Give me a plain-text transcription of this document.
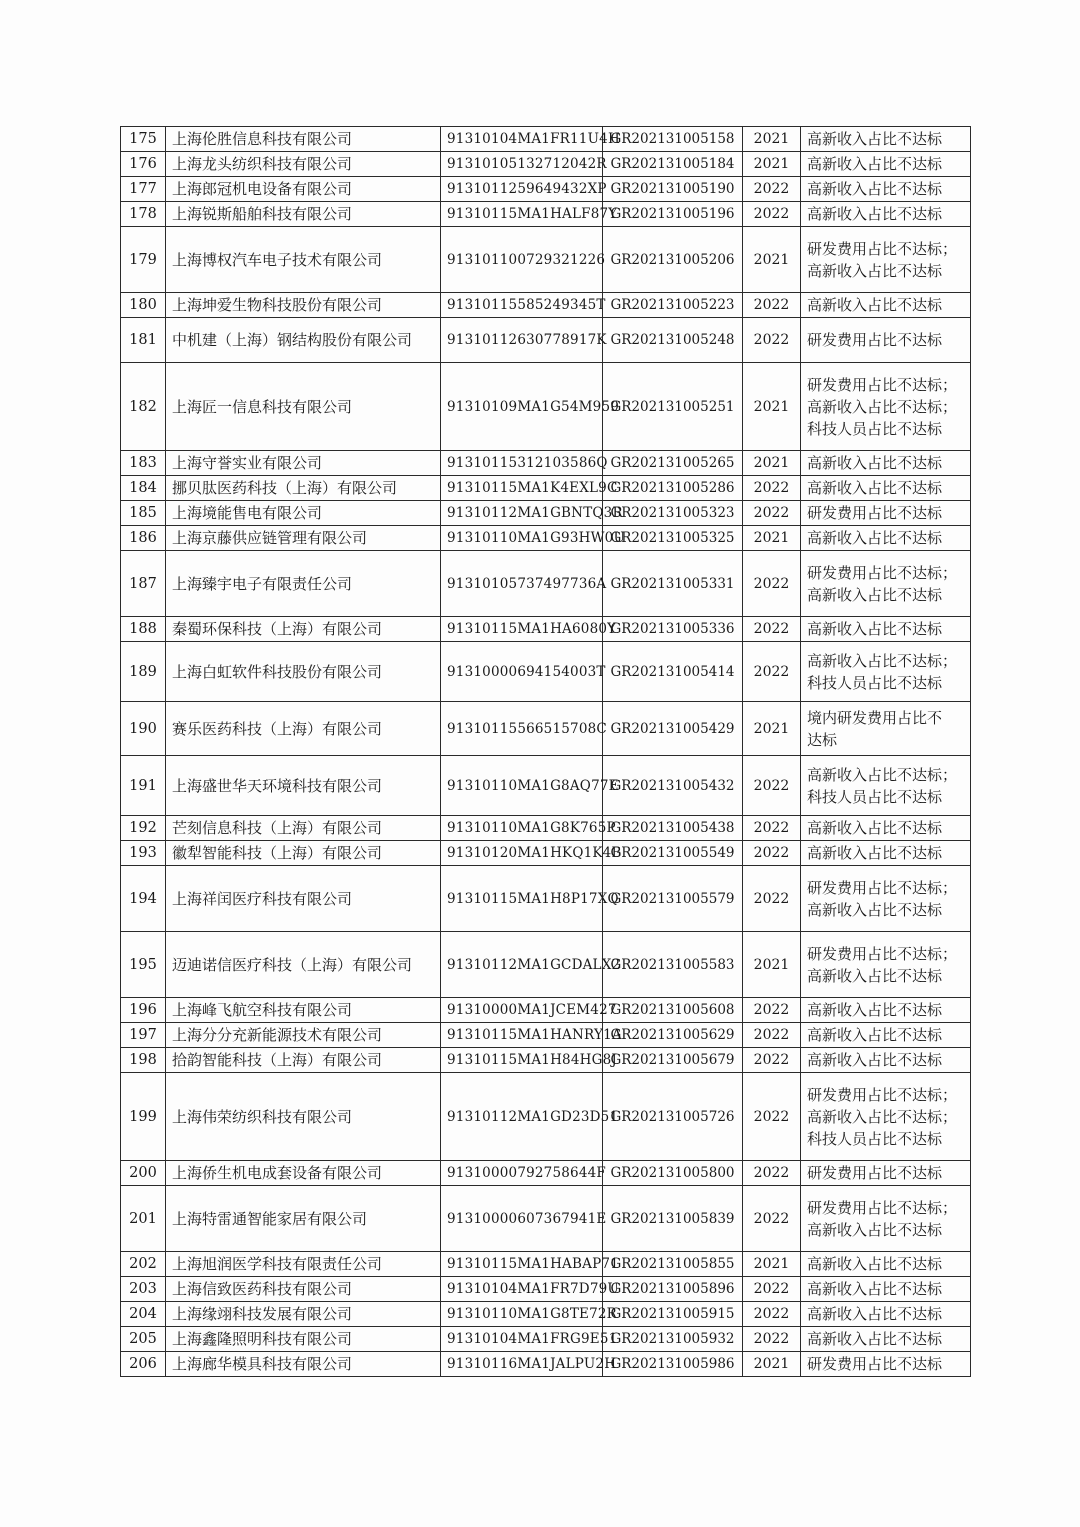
175	上海伦胜信息科技有限公司	91310104MA1FR11U4H	GR202131005158	2021	高新收入占比不达标
176	上海龙头纺织科技有限公司	91310105132712042R	GR202131005184	2021	高新收入占比不达标
177	上海郎冠机电设备有限公司	9131011259649432XP	GR202131005190	2022	高新收入占比不达标
178	上海锐斯船舶科技有限公司	91310115MA1HALF87Y	GR202131005196	2022	高新收入占比不达标
179	上海博权汽车电子技术有限公司	913101100729321226	GR202131005206	2021	研发费用占比不达标；
高新收入占比不达标
180	上海坤爱生物科技股份有限公司	91310115585249345T	GR202131005223	2022	高新收入占比不达标
181	中机建（上海）钢结构股份有限公司	91310112630778917K	GR202131005248	2022	研发费用占比不达标
182	上海匠一信息科技有限公司	91310109MA1G54M959	GR202131005251	2021	研发费用占比不达标；
高新收入占比不达标；
科技人员占比不达标
183	上海守誉实业有限公司	91310115312103586Q	GR202131005265	2021	高新收入占比不达标
184	挪贝肽医药科技（上海）有限公司	91310115MA1K4EXL9C	GR202131005286	2022	高新收入占比不达标
185	上海境能售电有限公司	91310112MA1GBNTQ3R	GR202131005323	2022	研发费用占比不达标
186	上海京藤供应链管理有限公司	91310110MA1G93HW0U	GR202131005325	2021	高新收入占比不达标
187	上海臻宇电子有限责任公司	91310105737497736A	GR202131005331	2022	研发费用占比不达标；
高新收入占比不达标
188	秦蜀环保科技（上海）有限公司	91310115MA1HA6080Y	GR202131005336	2022	高新收入占比不达标
189	上海白虹软件科技股份有限公司	91310000694154003T	GR202131005414	2022	高新收入占比不达标；
科技人员占比不达标
190	赛乐医药科技（上海）有限公司	91310115566515708C	GR202131005429	2021	境内研发费用占比不
达标
191	上海盛世华天环境科技有限公司	91310110MA1G8AQ77E	GR202131005432	2022	高新收入占比不达标；
科技人员占比不达标
192	芒刻信息科技（上海）有限公司	91310110MA1G8K765P	GR202131005438	2022	高新收入占比不达标
193	徽犁智能科技（上海）有限公司	91310120MA1HKQ1K4B	GR202131005549	2022	高新收入占比不达标
194	上海祥闰医疗科技有限公司	91310115MA1H8P17XQ	GR202131005579	2022	研发费用占比不达标；
高新收入占比不达标
195	迈迪诺信医疗科技（上海）有限公司	91310112MA1GCDALX2	GR202131005583	2021	研发费用占比不达标；
高新收入占比不达标
196	上海峰飞航空科技有限公司	91310000MA1JCEM427	GR202131005608	2022	高新收入占比不达标
197	上海分分充新能源技术有限公司	91310115MA1HANRY1A	GR202131005629	2022	高新收入占比不达标
198	拾韵智能科技（上海）有限公司	91310115MA1H84HG8J	GR202131005679	2022	高新收入占比不达标
199	上海伟荣纺织科技有限公司	91310112MA1GD23D51	GR202131005726	2022	研发费用占比不达标；
高新收入占比不达标；
科技人员占比不达标
200	上海侨生机电成套设备有限公司	91310000792758644F	GR202131005800	2022	研发费用占比不达标
201	上海特雷通智能家居有限公司	91310000607367941E	GR202131005839	2022	研发费用占比不达标；
高新收入占比不达标
202	上海旭润医学科技有限责任公司	91310115MA1HABAP71	GR202131005855	2021	高新收入占比不达标
203	上海信致医药科技有限公司	91310104MA1FR7D79U	GR202131005896	2022	高新收入占比不达标
204	上海缘翊科技发展有限公司	91310110MA1G8TE72R	GR202131005915	2022	高新收入占比不达标
205	上海鑫隆照明科技有限公司	91310104MA1FRG9E51	GR202131005932	2022	高新收入占比不达标
206	上海廊华模具科技有限公司	91310116MA1JALPU2H	GR202131005986	2021	研发费用占比不达标
